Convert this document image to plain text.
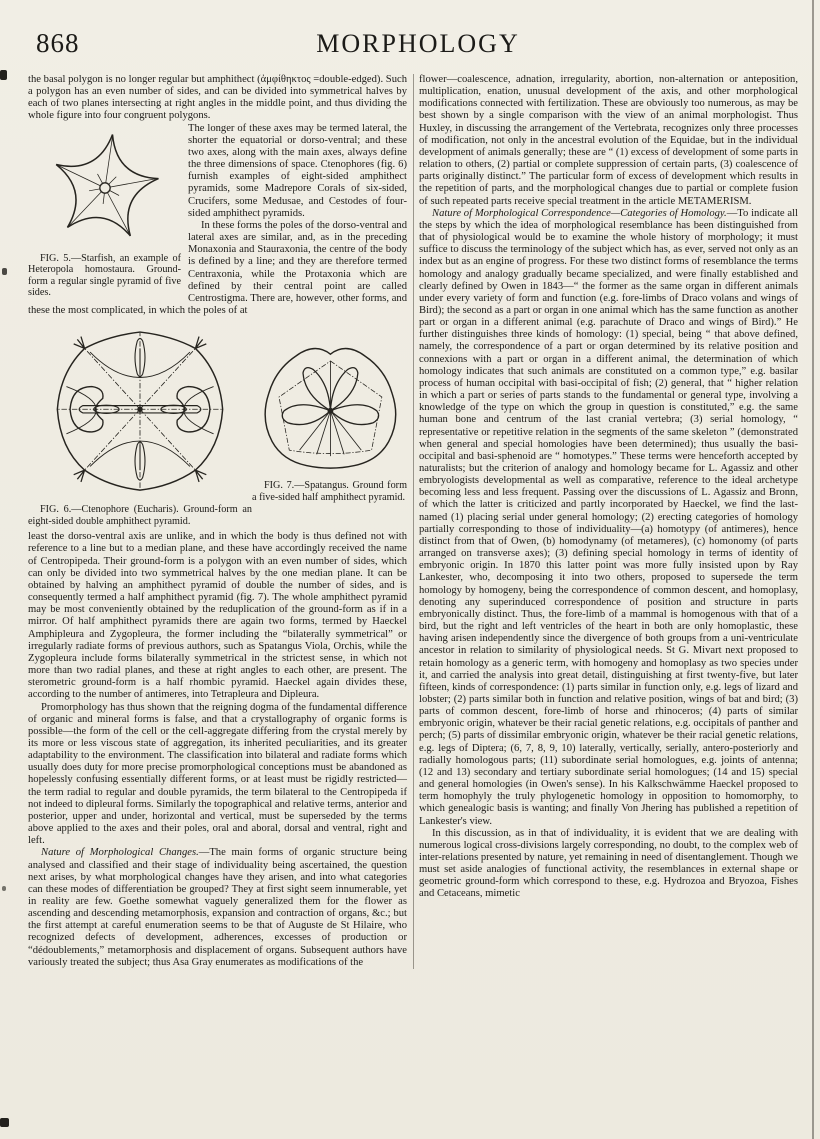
868	MORPHOLOGY

the basal polygon is no longer regular but amphithect (ἀμφίθηκτος =double-edged). Such a polygon has an even number of sides, and can be divided into symmetrical halves by each of two planes intersecting at right angles in the middle point, and thus dividing the whole figure into four congruent polygons.

FIG. 5.—Starfish, an example of Heteropola homostaura. Ground-form a regular single pyramid of five sides.

The longer of these axes may be termed lateral, the shorter the equatorial or dorso-ventral; and these two axes, along with the main axes, always define the three dimensions of space. Ctenophores (fig. 6) furnish examples of eight-sided amphithect pyramids, some Madrepore Corals of six-sided, Crucifers, some Medusae, and Cestodes of four-sided amphithect pyramids.

In these forms the poles of the dorso-ventral and lateral axes are similar, and, as in the preceding Monaxonia and Stauraxonia, the centre of the body is defined by a line; and they are therefore termed Centraxonia, while the Protaxonia which are defined by their central point are called Centrostigma. There are, however, other forms, and these the most complicated, in which the poles of at

FIG. 6.—Ctenophore (Eucharis). Ground-form an eight-sided double amphithect pyramid.
FIG. 7.—Spatangus. Ground form a five-sided half amphithect pyramid.

least the dorso-ventral axis are unlike, and in which the body is thus defined not with reference to a line but to a median plane, and these have accordingly received the name of Centropipeda. Their ground-form is a polygon with an even number of sides, which can only be divided into two symmetrical halves by the one median plane. It can be obtained by halving an amphithect pyramid of double the number of sides, and is consequently termed a half amphithect pyramid (fig. 7). The whole amphithect pyramid may be most conveniently obtained by the reduplication of the ground-form as if in a mirror. Of half amphithect pyramids there are again two forms, termed by Haeckel Amphipleura and Zygopleura, the former including the “bilaterally symmetrical” or irregularly radiate forms of previous authors, such as Spatangus Viola, Orchis, while the Zygopleura include forms bilaterally symmetrical in the strictest sense, in which not more than two radial planes, and these at right angles to each other, are present. The sterometric ground-form is a half rhombic pyramid. Haeckel again divides these, according to the number of antimeres, into Tetrapleura and Dipleura.

Promorphology has thus shown that the reigning dogma of the fundamental difference of organic and mineral forms is false, and that a crystallography of organic forms is possible—the form of the cell or the cell-aggregate differing from the crystal merely by its more or less viscous state of aggregation, its inherited peculiarities, and its greater adaptability to the environment. The classification into bilateral and radiate forms which usually does duty for more precise promorphological conceptions must be abandoned as hopelessly confusing essentially different forms, or at least must be rigidly restricted—the term radial to regular and double pyramids, the term bilateral to the Centropipeda if not indeed to dipleural forms. Similarly the topographical and relative terms, anterior and posterior, upper and under, horizontal and vertical, must be superseded by the terms above applied to the axes and their poles, oral and aboral, dorsal and ventral, right and left.

Nature of Morphological Changes.—The main forms of organic structure being analysed and classified and their stage of individuality being ascertained, the question next arises, by what morphological changes have they arisen, and into what categories can these modes of differentiation be grouped? They at first sight seem innumerable, yet in reality are few. Goethe somewhat vaguely generalized them for the flower as ascending and descending metamorphosis, expansion and contraction of organs, &c.; but the first attempt at careful enumeration seems to be that of Auguste de St Hilaire, who recognized defects of development, adherences, excesses of production or “dédoublements,” metamorphosis and displacement of organs. Subsequent authors have variously treated the subject; thus Asa Gray enumerates as modifications of the

flower—coalescence, adnation, irregularity, abortion, non-alternation or anteposition, multiplication, enation, unusual development of the axis, and other morphological modifications connected with fertilization. These are obviously too numerous, as may be best shown by a single comparison with the view of an animal morphologist. Thus Huxley, in discussing the arrangement of the Vertebrata, recognizes only three processes of modification, not only in the ancestral evolution of the Equidae, but in the individual development of animals generally; these are “ (1) excess of development of some parts in relation to others, (2) partial or complete suppression of certain parts, (3) coalescence of parts originally distinct.” The particular form of excess of development which results in the repetition of parts, and the morphological changes due to partial or complete fusion of such repeated parts receive special treatment in the article METAMERISM.

Nature of Morphological Correspondence—Categories of Homology.—To indicate all the steps by which the idea of morphological resemblance has been distinguished from that of physiological would be to examine the whole history of morphology; it must suffice to discuss the terminology of the subject which has, as ever, served not only as an index but as an engine of progress. For these two distinct forms of resemblance the terms homology and analogy gradually became specialized, and were finally established and clearly defined by Owen in 1843—“ the former as the same organ in different animals under every variety of form and function (e.g. fore-limbs of Draco volans and wings of Bird); the second as a part or organ in one animal which has the same function as another part or organ in a different animal (e.g. parachute of Draco and wings of Bird).” He further distinguishes three kinds of homology: (1) special, being “ that above defined, namely, the correspondence of a part or organ determined by its relative position and connexions with a part or organ in a different animal, the determination of which homology indicates that such animals are constituted on a common type,” e.g. basilar process of human occipital with basi-occipital of fish; (2) general, that “ higher relation in which a part or series of parts stands to the fundamental or general type, involving a knowledge of the type on which the group in question is constituted,” e.g. the same human bone and centrum of the last cranial vertebra; (3) serial homology, “ representative or repetitive relation in the segments of the same skeleton ” (demonstrated when general and special homologies have been determined); thus usually the basi-occipital and basi-sphenoid are “ homotypes.” These terms were henceforth accepted by naturalists; but the criterion of analogy and homology became for L. Agassiz and other embryologists developmental as well as comparative, reference to the ideal archetype becoming less and less frequent. Passing over the discussions of L. Agassiz and Bronn, of which the latter is criticized and partly incorporated by Haeckel, we find the last-named (1) placing serial under general homology; (2) erecting categories of homology partially corresponding to those of individuality—(a) homotypy (of antimeres), hence distinct from that of Owen, (b) homodynamy (of metameres), (c) homonomy (of parts arranged on transverse axes); (3) defining special homology in terms of identity of embryonic origin. In 1870 this latter point was more fully insisted upon by Ray Lankester, who, decomposing it into two others, proposed to supersede the term homology by homogeny, being the correspondence of common descent, and homoplasy, denoting any superinduced correspondence of position and structure in parts embryonically distinct. Thus, the fore-limb of a mammal is homogenous with that of a bird, but the right and left ventricles of the heart in both are only homoplastic, these having arisen independently since the divergence of both groups from a uni-ventriculate ancestor in relation to similarity of physiological needs. St G. Mivart next proposed to retain homology as a generic term, with homogeny and homoplasy as two species under it, and carried the analysis into great detail, distinguishing at first twenty-five, but later fifteen, kinds of correspondence: (1) parts similar in function only, e.g. legs of lizard and lobster; (2) parts similar both in function and relative position, wings of bat and bird; (3) parts of common descent, fore-limb of horse and rhinoceros; (4) parts of similar embryonic origin, whatever be their racial genetic relations, e.g. occipitals of panther and perch; (5) parts of dissimilar embryonic origin, whatever be their racial genetic relations, e.g. legs of Diptera; (6, 7, 8, 9, 10) laterally, vertically, serially, antero-posteriorly and radially homologous parts; (11) subordinate serial homologues, e.g. joints of antenna; (12 and 13) secondary and tertiary subordinate serial homologues; (14 and 15) special and general homologies (in Owen's sense). In his Kalkschwämme Haeckel proposed to term homophyly the truly phylogenetic homology in opposition to homomorphy, to which genealogic basis is wanting; and finally Von Jhering has published a repetition of Lankester's view.

In this discussion, as in that of individuality, it is evident that we are dealing with numerous logical cross-divisions largely corresponding, no doubt, to the complex web of inter-relations presented by nature, yet remaining in need of disentanglement. Though we must set aside analogies of functional activity, the resemblances in external shape or geometric ground-form which correspond to these, e.g. Hydrozoa and Bryozoa, Fishes and Cetaceans, mimetic
